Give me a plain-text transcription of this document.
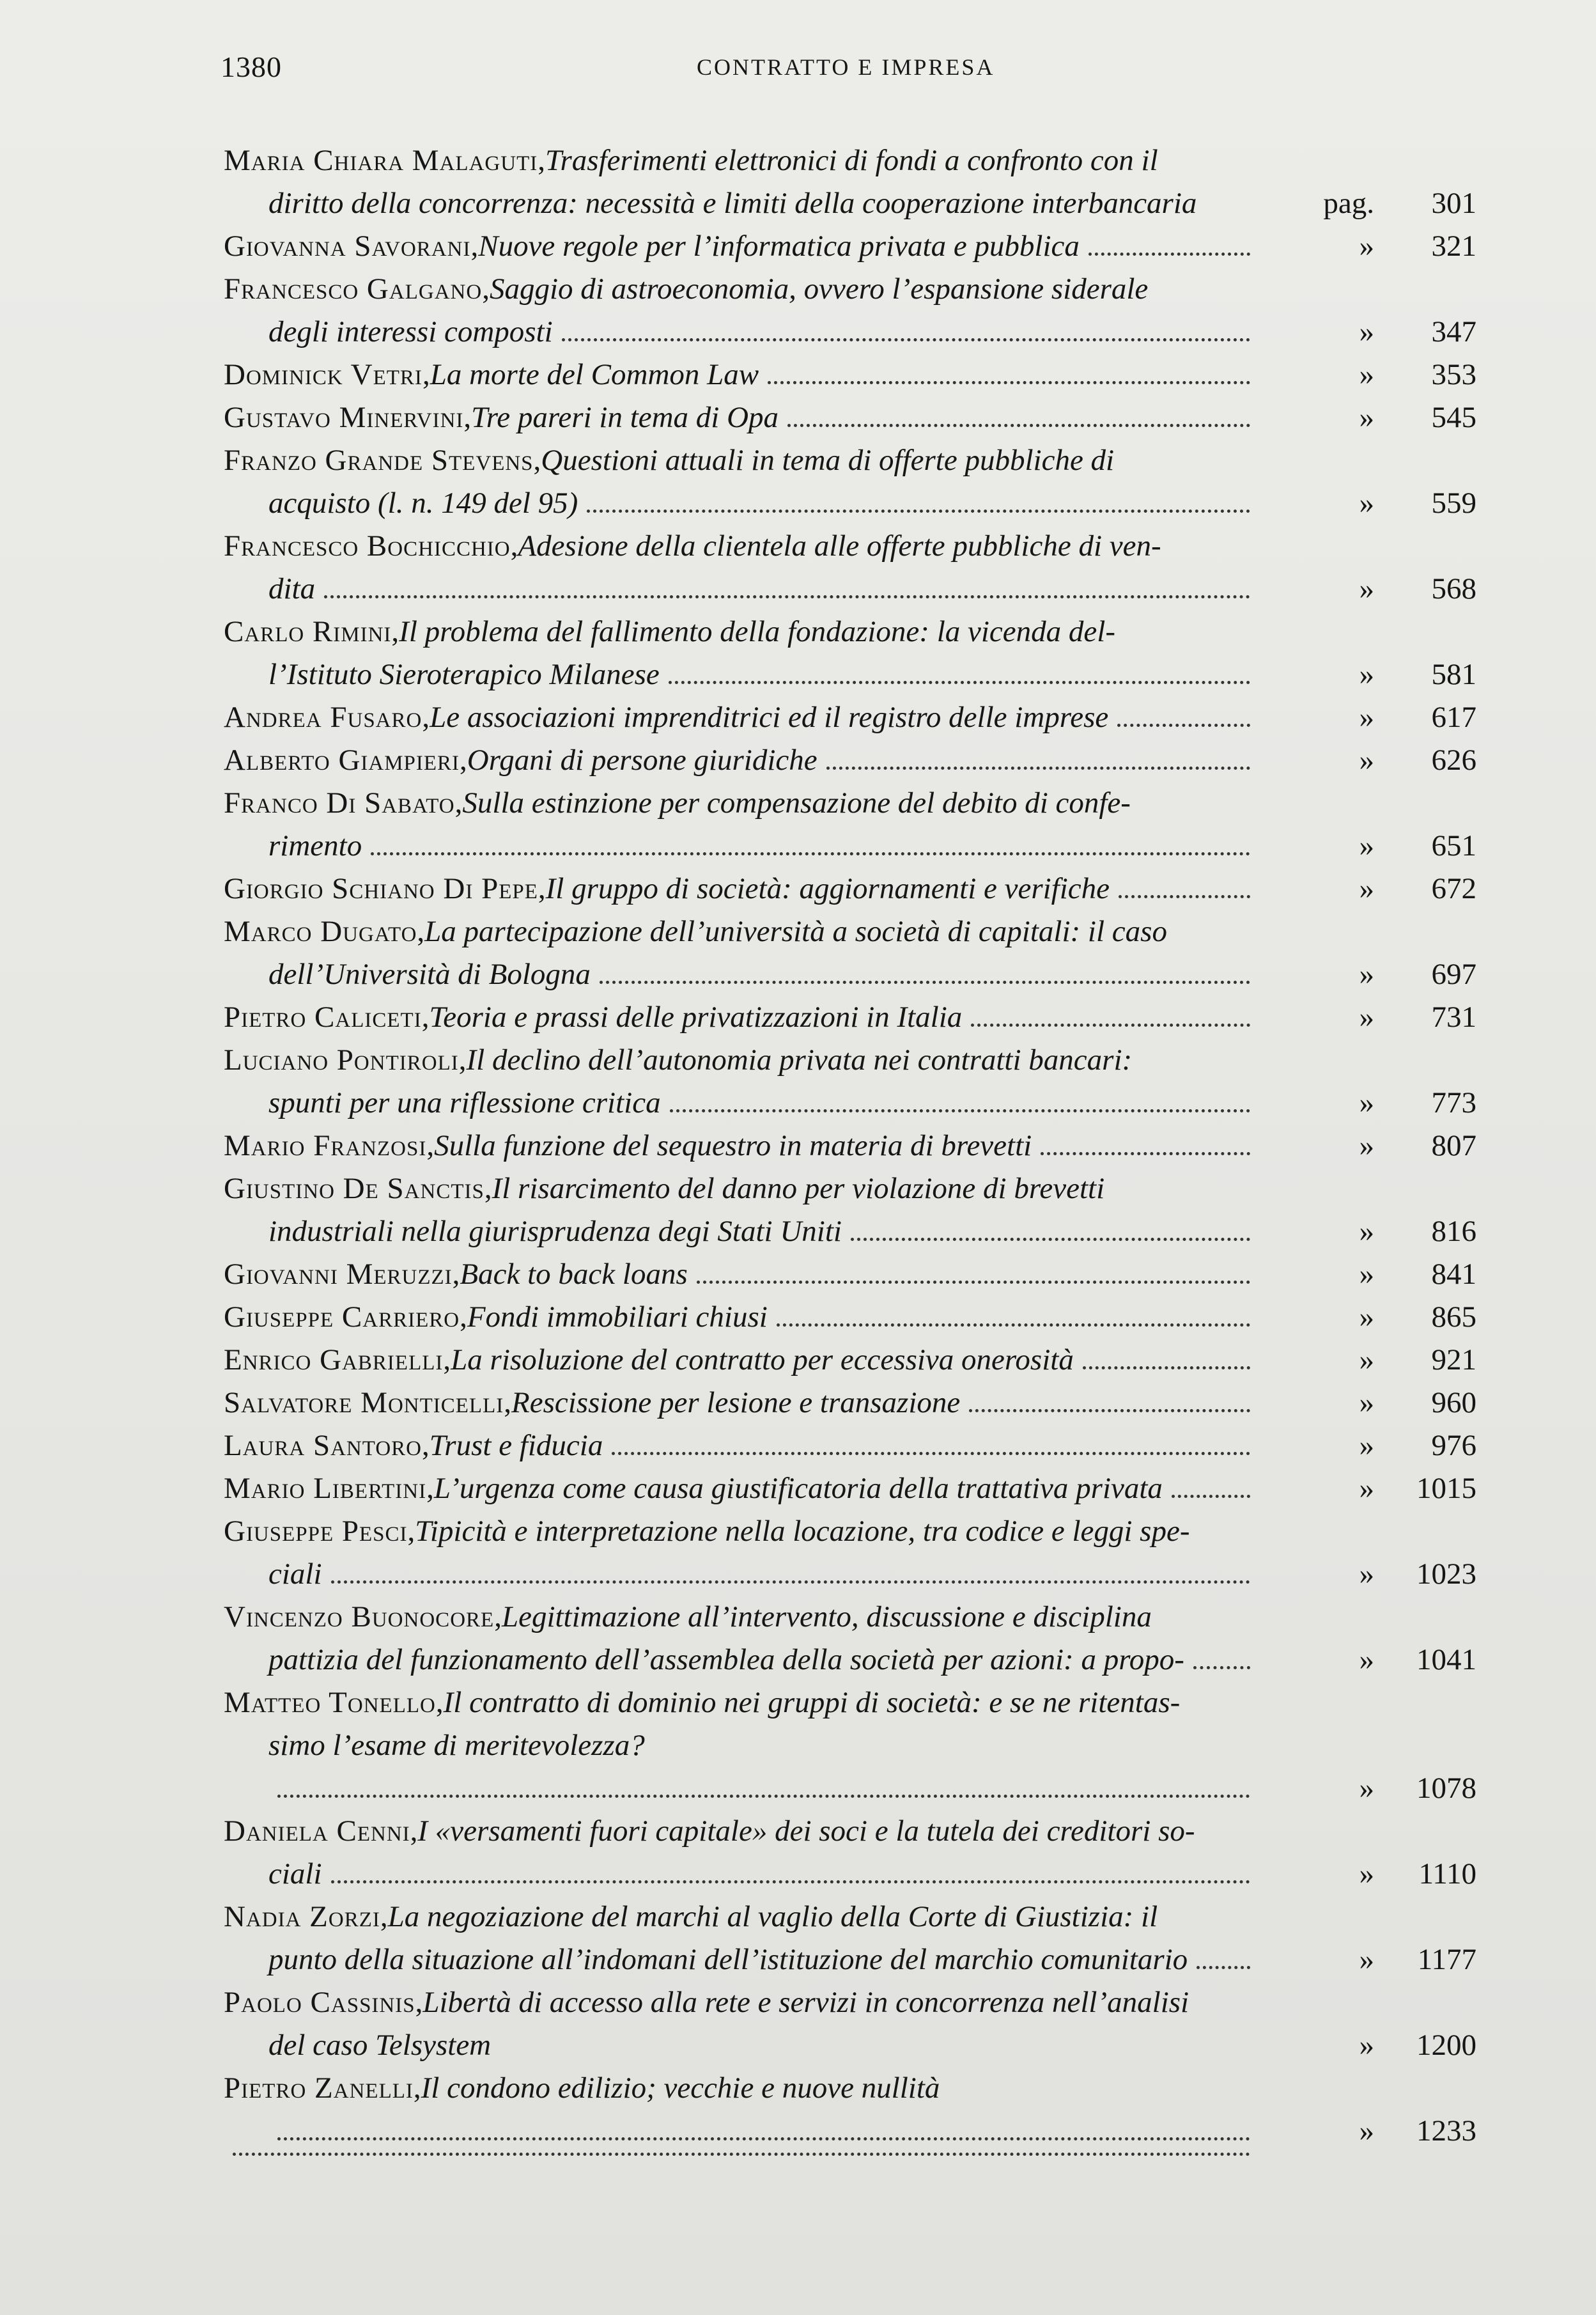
1380	CONTRATTO E IMPRESA
Maria Chiara Malaguti , Trasferimenti elettronici di fondi a confronto con il
diritto della concorrenza: necessità e limiti della cooperazione interbancaria	pag.	301
Giovanna Savorani , Nuove regole per l’informatica privata e pubblica	»	321
Francesco Galgano , Saggio di astroeconomia, ovvero l’espansione siderale
degli interessi composti	»	347
Dominick Vetri , La morte del Common Law	»	353
Gustavo Minervini , Tre pareri in tema di Opa	»	545
Franzo Grande Stevens , Questioni attuali in tema di offerte pubbliche di
acquisto (l. n. 149 del 95)	»	559
Francesco Bochicchio , Adesione della clientela alle offerte pubbliche di ven-
dita	»	568
Carlo Rimini , Il problema del fallimento della fondazione: la vicenda del-
l’Istituto Sieroterapico Milanese	»	581
Andrea Fusaro , Le associazioni imprenditrici ed il registro delle imprese	»	617
Alberto Giampieri , Organi di persone giuridiche	»	626
Franco Di Sabato , Sulla estinzione per compensazione del debito di confe-
rimento	»	651
Giorgio Schiano Di Pepe , Il gruppo di società: aggiornamenti e verifiche	»	672
Marco Dugato , La partecipazione dell’università a società di capitali: il caso
dell’Università di Bologna	»	697
Pietro Caliceti , Teoria e prassi delle privatizzazioni in Italia	»	731
Luciano Pontiroli , Il declino dell’autonomia privata nei contratti bancari:
spunti per una riflessione critica	»	773
Mario Franzosi , Sulla funzione del sequestro in materia di brevetti	»	807
Giustino De Sanctis , Il risarcimento del danno per violazione di brevetti
industriali nella giurisprudenza degi Stati Uniti	»	816
Giovanni Meruzzi , Back to back loans	»	841
Giuseppe Carriero , Fondi immobiliari chiusi	»	865
Enrico Gabrielli , La risoluzione del contratto per eccessiva onerosità	»	921
Salvatore Monticelli , Rescissione per lesione e transazione	»	960
Laura Santoro , Trust e fiducia	»	976
Mario Libertini , L’urgenza come causa giustificatoria della trattativa privata	»	1015
Giuseppe Pesci , Tipicità e interpretazione nella locazione, tra codice e leggi spe-
ciali	»	1023
Vincenzo Buonocore , Legittimazione all’intervento, discussione e disciplina
pattizia del funzionamento dell’assemblea della società per azioni: a propo-	»	1041
Matteo Tonello , Il contratto di dominio nei gruppi di società: e se ne ritentas-
simo l’esame di meritevolezza?
»	1078
Daniela Cenni , I «versamenti fuori capitale» dei soci e la tutela dei creditori so-
ciali	»	1110
Nadia Zorzi , La negoziazione del marchi al vaglio della Corte di Giustizia: il
punto della situazione all’indomani dell’istituzione del marchio comunitario	»	1177
Paolo Cassinis , Libertà di accesso alla rete e servizi in concorrenza nell’analisi
del caso Telsystem	»	1200
Pietro Zanelli , Il condono edilizio; vecchie e nuove nullità
»	1233
